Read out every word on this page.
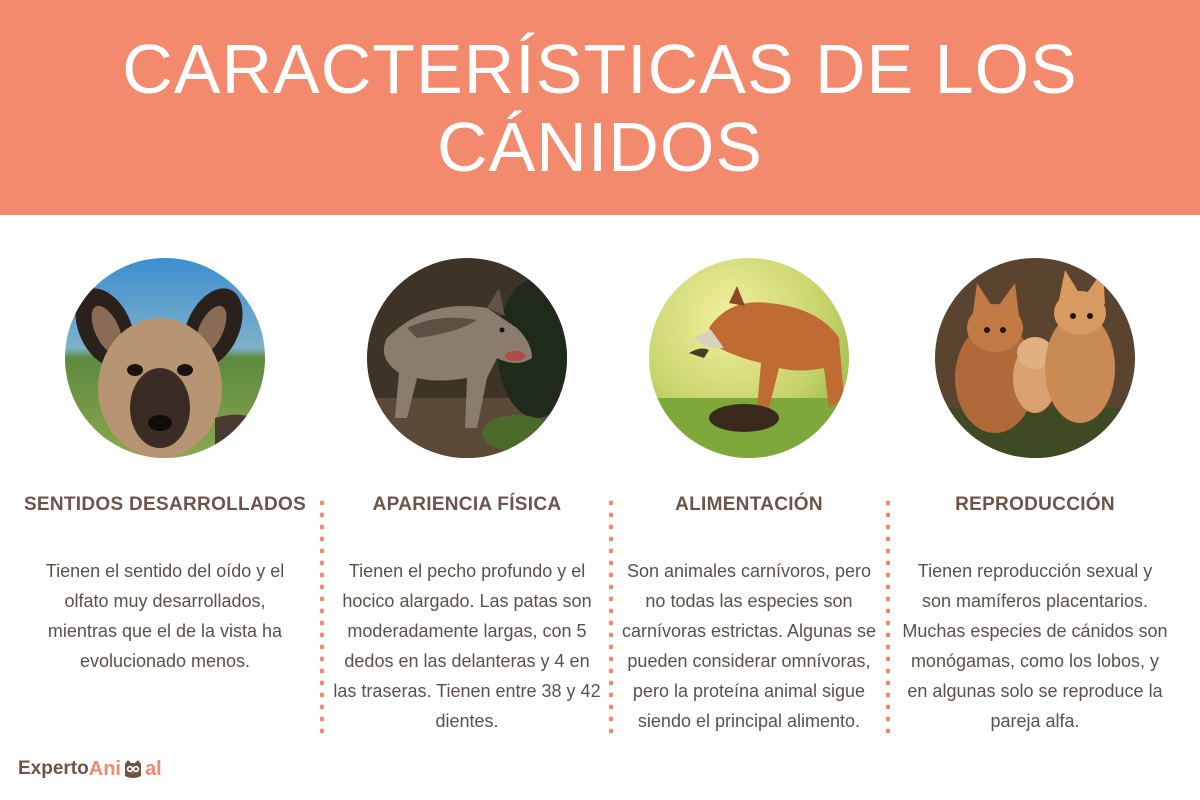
CARACTERÍSTICAS DE LOS CÁNIDOS
SENTIDOS DESARROLLADOS

Tienen el sentido del oído y el olfato muy desarrollados, mientras que el de la vista ha evolucionado menos.

APARIENCIA FÍSICA

Tienen el pecho profundo y el hocico alargado. Las patas son moderadamente largas, con 5 dedos en las delanteras y 4 en las traseras. Tienen entre 38 y 42 dientes.

ALIMENTACIÓN

Son animales carnívoros, pero no todas las especies son carnívoras estrictas. Algunas se pueden considerar omnívoras, pero la proteína animal sigue siendo el principal alimento.

REPRODUCCIÓN

Tienen reproducción sexual y son mamíferos placentarios. Muchas especies de cánidos son monógamas, como los lobos, y en algunas solo se reproduce la pareja alfa.

Experto Ani al
